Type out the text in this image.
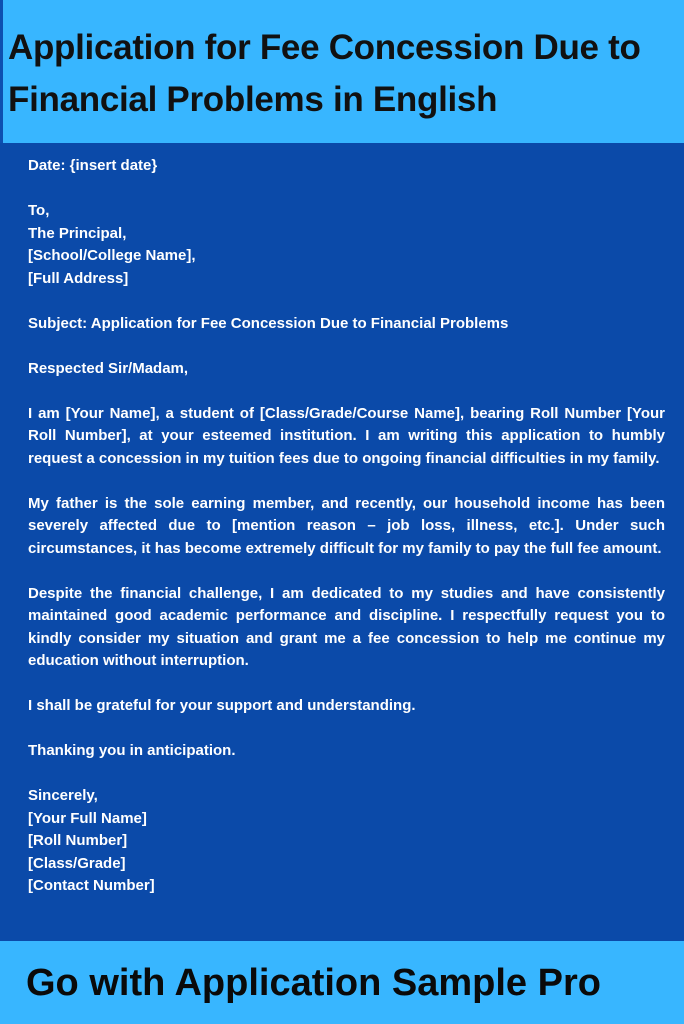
Application for Fee Concession Due to Financial Problems in English

Date: {insert date}

To,
The Principal,
[School/College Name],
[Full Address]

Subject: Application for Fee Concession Due to Financial Problems

Respected Sir/Madam,

I am [Your Name], a student of [Class/Grade/Course Name], bearing Roll Number [Your Roll Number], at your esteemed institution. I am writing this application to humbly request a concession in my tuition fees due to ongoing financial difficulties in my family.

My father is the sole earning member, and recently, our household income has been severely affected due to [mention reason – job loss, illness, etc.]. Under such circumstances, it has become extremely difficult for my family to pay the full fee amount.

Despite the financial challenge, I am dedicated to my studies and have consistently maintained good academic performance and discipline. I respectfully request you to kindly consider my situation and grant me a fee concession to help me continue my education without interruption.

I shall be grateful for your support and understanding.

Thanking you in anticipation.

Sincerely,

[Your Full Name]

[Roll Number]

[Class/Grade]

[Contact Number]

Go with Application Sample Pro
